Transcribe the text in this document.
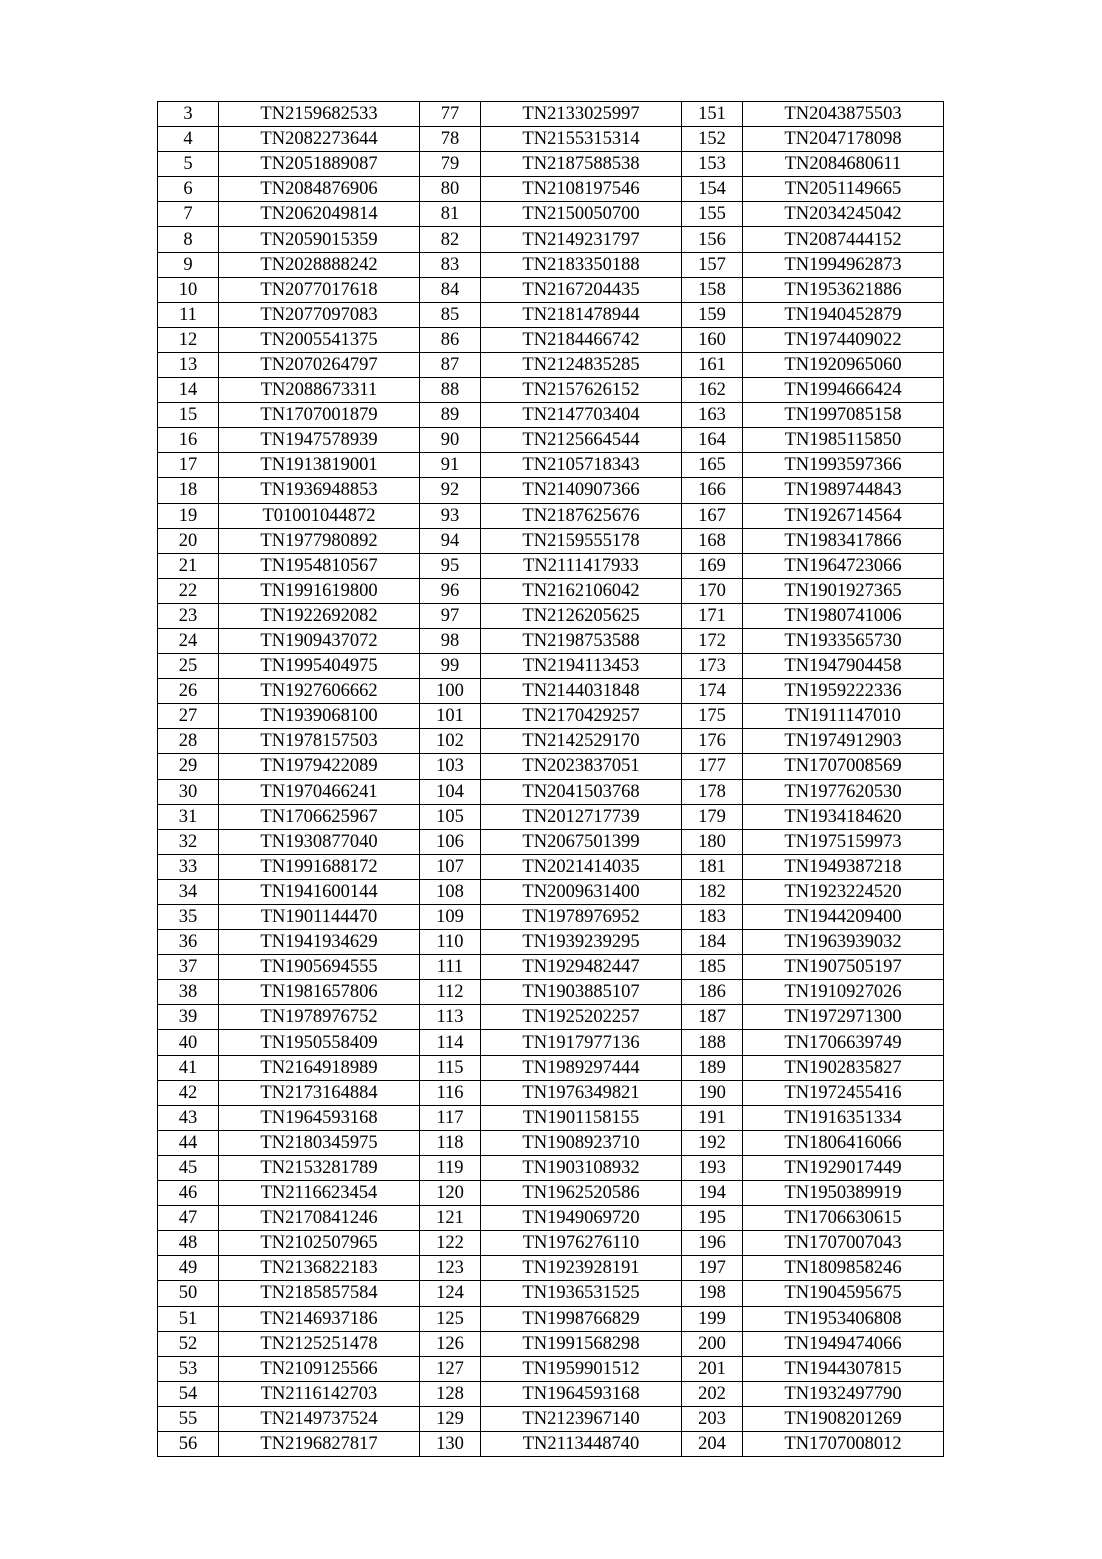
3	TN2159682533	77	TN2133025997	151	TN2043875503
4	TN2082273644	78	TN2155315314	152	TN2047178098
5	TN2051889087	79	TN2187588538	153	TN2084680611
6	TN2084876906	80	TN2108197546	154	TN2051149665
7	TN2062049814	81	TN2150050700	155	TN2034245042
8	TN2059015359	82	TN2149231797	156	TN2087444152
9	TN2028888242	83	TN2183350188	157	TN1994962873
10	TN2077017618	84	TN2167204435	158	TN1953621886
11	TN2077097083	85	TN2181478944	159	TN1940452879
12	TN2005541375	86	TN2184466742	160	TN1974409022
13	TN2070264797	87	TN2124835285	161	TN1920965060
14	TN2088673311	88	TN2157626152	162	TN1994666424
15	TN1707001879	89	TN2147703404	163	TN1997085158
16	TN1947578939	90	TN2125664544	164	TN1985115850
17	TN1913819001	91	TN2105718343	165	TN1993597366
18	TN1936948853	92	TN2140907366	166	TN1989744843
19	T01001044872	93	TN2187625676	167	TN1926714564
20	TN1977980892	94	TN2159555178	168	TN1983417866
21	TN1954810567	95	TN2111417933	169	TN1964723066
22	TN1991619800	96	TN2162106042	170	TN1901927365
23	TN1922692082	97	TN2126205625	171	TN1980741006
24	TN1909437072	98	TN2198753588	172	TN1933565730
25	TN1995404975	99	TN2194113453	173	TN1947904458
26	TN1927606662	100	TN2144031848	174	TN1959222336
27	TN1939068100	101	TN2170429257	175	TN1911147010
28	TN1978157503	102	TN2142529170	176	TN1974912903
29	TN1979422089	103	TN2023837051	177	TN1707008569
30	TN1970466241	104	TN2041503768	178	TN1977620530
31	TN1706625967	105	TN2012717739	179	TN1934184620
32	TN1930877040	106	TN2067501399	180	TN1975159973
33	TN1991688172	107	TN2021414035	181	TN1949387218
34	TN1941600144	108	TN2009631400	182	TN1923224520
35	TN1901144470	109	TN1978976952	183	TN1944209400
36	TN1941934629	110	TN1939239295	184	TN1963939032
37	TN1905694555	111	TN1929482447	185	TN1907505197
38	TN1981657806	112	TN1903885107	186	TN1910927026
39	TN1978976752	113	TN1925202257	187	TN1972971300
40	TN1950558409	114	TN1917977136	188	TN1706639749
41	TN2164918989	115	TN1989297444	189	TN1902835827
42	TN2173164884	116	TN1976349821	190	TN1972455416
43	TN1964593168	117	TN1901158155	191	TN1916351334
44	TN2180345975	118	TN1908923710	192	TN1806416066
45	TN2153281789	119	TN1903108932	193	TN1929017449
46	TN2116623454	120	TN1962520586	194	TN1950389919
47	TN2170841246	121	TN1949069720	195	TN1706630615
48	TN2102507965	122	TN1976276110	196	TN1707007043
49	TN2136822183	123	TN1923928191	197	TN1809858246
50	TN2185857584	124	TN1936531525	198	TN1904595675
51	TN2146937186	125	TN1998766829	199	TN1953406808
52	TN2125251478	126	TN1991568298	200	TN1949474066
53	TN2109125566	127	TN1959901512	201	TN1944307815
54	TN2116142703	128	TN1964593168	202	TN1932497790
55	TN2149737524	129	TN2123967140	203	TN1908201269
56	TN2196827817	130	TN2113448740	204	TN1707008012
